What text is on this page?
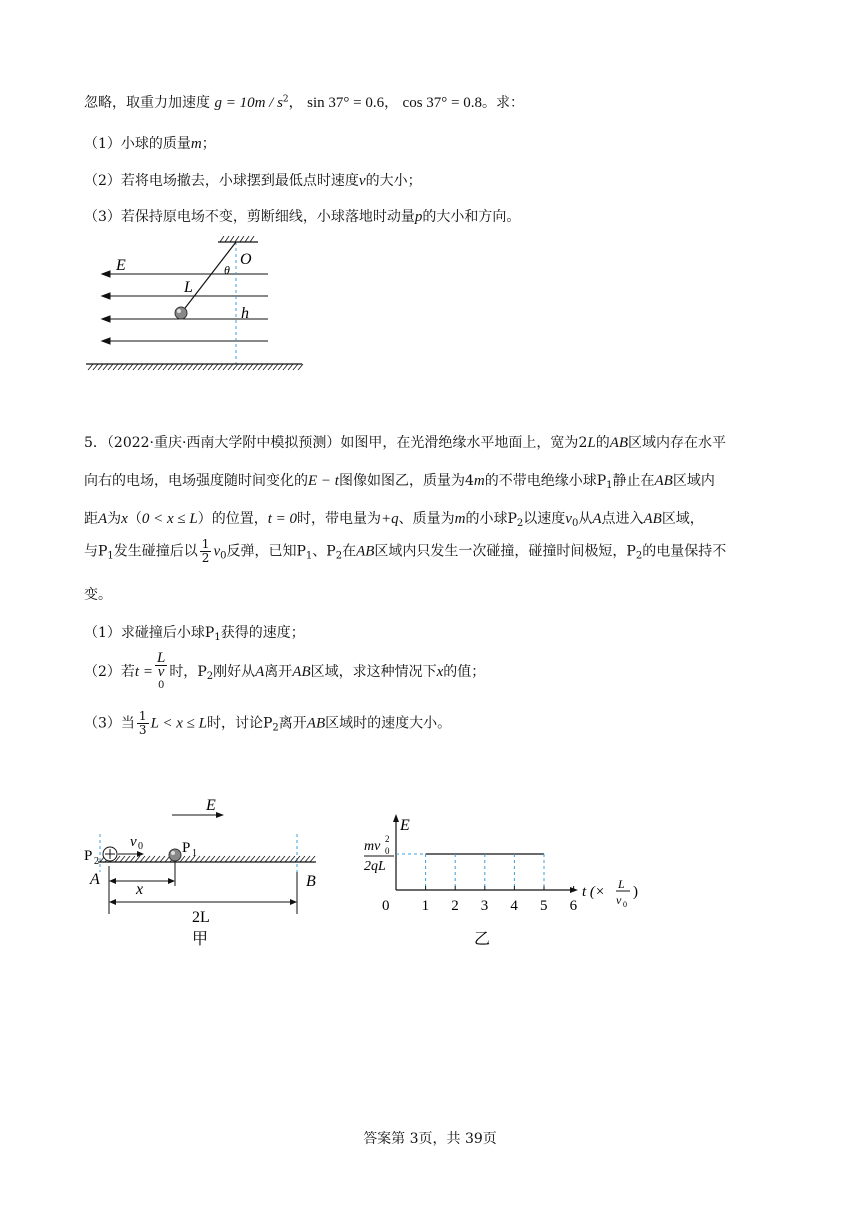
忽略，取重力加速度 $g = 10m / s^2$， sin 37° = 0.6， cos 37° = 0.8。求：
（1）小球的质量m；
（2）若将电场撤去，小球摆到最低点时速度v的大小；
（3）若保持原电场不变，剪断细线，小球落地时动量p的大小和方向。
E	O
θ
L
h
5．（2022·重庆·西南大学附中模拟预测）如图甲，在光滑绝缘水平地面上，宽为2L的AB区域内存在水平
向右的电场，电场强度随时间变化的E − t图像如图乙，质量为4m的不带电绝缘小球$P_1$静止在AB区域内
距A为x（0 < x ≤ L）的位置，t = 0时，带电量为+q、质量为m的小球$P_2$以速度$v_0$从A点进入AB区域，
与$P_1$发生碰撞后以 $\frac{1}{2} v_0$反弹，已知$P_1$、$P_2$在AB区域内只发生一次碰撞，碰撞时间极短，$P_2$的电量保持不
变。
（1）求碰撞后小球$P_1$获得的速度；
（2）若t = L
v
0 时，$P_2$刚好从A离开AB区域，求这种情况下x的值；
（3）当 $\frac{1}{3}$ L < x ≤ L时，讨论$P_2$离开AB区域时的速度大小。
E
P 2
v 0	P 1
A	B
x
2L
甲
E
mv 2
0
2qL
0 1 2 3 4 5 6
t (× L
v 0
)
乙
答案第 3页，共 39页
